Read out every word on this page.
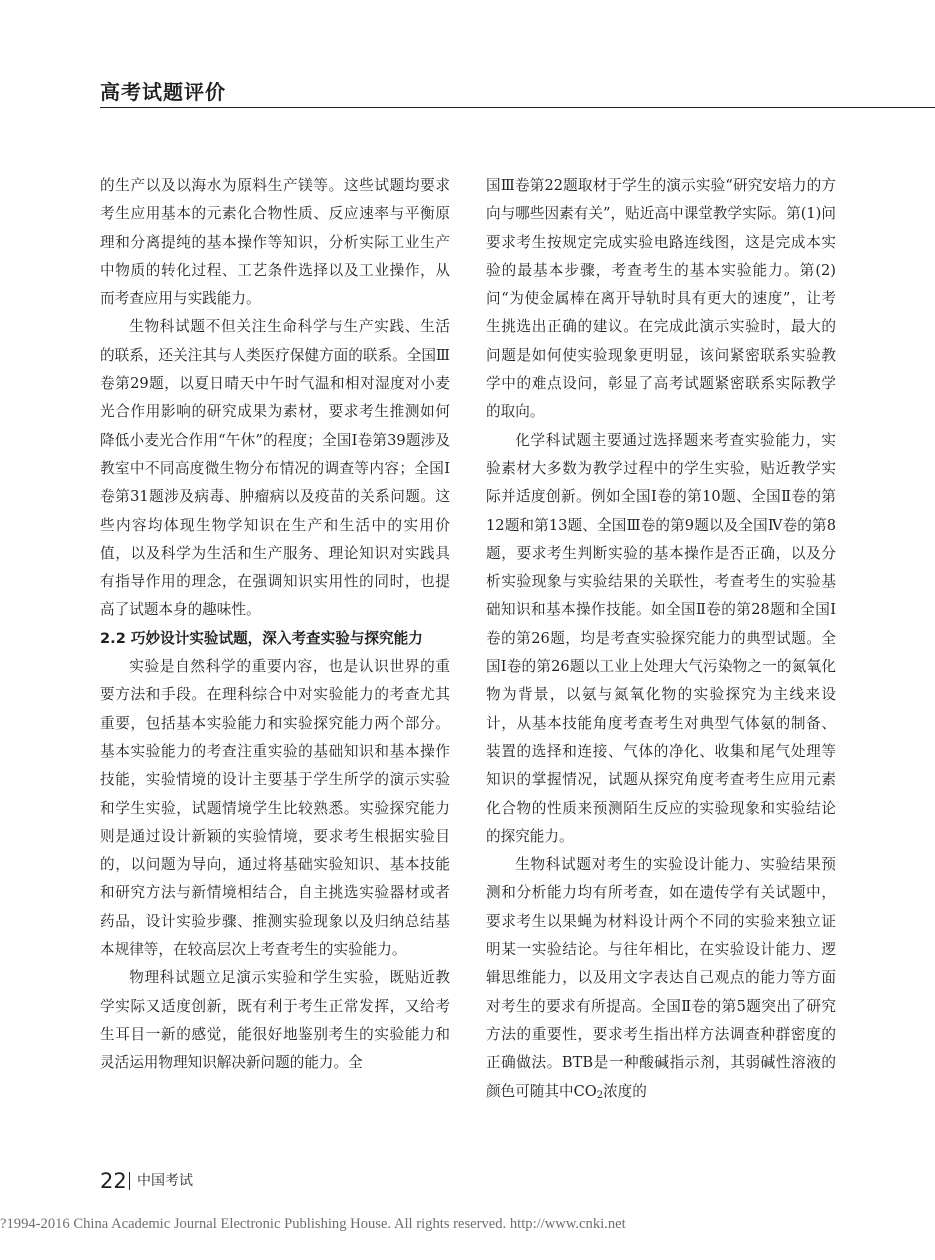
高考试题评价

的生产以及以海水为原料生产镁等。这些试题均要求考生应用基本的元素化合物性质、反应速率与平衡原理和分离提纯的基本操作等知识，分析实际工业生产中物质的转化过程、工艺条件选择以及工业操作，从而考查应用与实践能力。

生物科试题不但关注生命科学与生产实践、生活的联系，还关注其与人类医疗保健方面的联系。全国Ⅲ卷第29题，以夏日晴天中午时气温和相对湿度对小麦光合作用影响的研究成果为素材，要求考生推测如何降低小麦光合作用“午休”的程度；全国Ⅰ卷第39题涉及教室中不同高度微生物分布情况的调查等内容；全国Ⅰ卷第31题涉及病毒、肿瘤病以及疫苗的关系问题。这些内容均体现生物学知识在生产和生活中的实用价值，以及科学为生活和生产服务、理论知识对实践具有指导作用的理念，在强调知识实用性的同时，也提高了试题本身的趣味性。

2.2 巧妙设计实验试题，深入考查实验与探究能力

实验是自然科学的重要内容，也是认识世界的重要方法和手段。在理科综合中对实验能力的考查尤其重要，包括基本实验能力和实验探究能力两个部分。基本实验能力的考查注重实验的基础知识和基本操作技能，实验情境的设计主要基于学生所学的演示实验和学生实验，试题情境学生比较熟悉。实验探究能力则是通过设计新颖的实验情境，要求考生根据实验目的，以问题为导向，通过将基础实验知识、基本技能和研究方法与新情境相结合，自主挑选实验器材或者药品，设计实验步骤、推测实验现象以及归纳总结基本规律等，在较高层次上考查考生的实验能力。

物理科试题立足演示实验和学生实验，既贴近教学实际又适度创新，既有利于考生正常发挥，又给考生耳目一新的感觉，能很好地鉴别考生的实验能力和灵活运用物理知识解决新问题的能力。全

国Ⅲ卷第22题取材于学生的演示实验“研究安培力的方向与哪些因素有关”，贴近高中课堂教学实际。第(1)问要求考生按规定完成实验电路连线图，这是完成本实验的最基本步骤，考查考生的基本实验能力。第(2)问“为使金属棒在离开导轨时具有更大的速度”，让考生挑选出正确的建议。在完成此演示实验时，最大的问题是如何使实验现象更明显，该问紧密联系实验教学中的难点设问，彰显了高考试题紧密联系实际教学的取向。

化学科试题主要通过选择题来考查实验能力，实验素材大多数为教学过程中的学生实验，贴近教学实际并适度创新。例如全国Ⅰ卷的第10题、全国Ⅱ卷的第12题和第13题、全国Ⅲ卷的第9题以及全国Ⅳ卷的第8题，要求考生判断实验的基本操作是否正确，以及分析实验现象与实验结果的关联性，考查考生的实验基础知识和基本操作技能。如全国Ⅱ卷的第28题和全国Ⅰ卷的第26题，均是考查实验探究能力的典型试题。全国Ⅰ卷的第26题以工业上处理大气污染物之一的氮氧化物为背景，以氨与氮氧化物的实验探究为主线来设计，从基本技能角度考查考生对典型气体氨的制备、装置的选择和连接、气体的净化、收集和尾气处理等知识的掌握情况，试题从探究角度考查考生应用元素化合物的性质来预测陌生反应的实验现象和实验结论的探究能力。

生物科试题对考生的实验设计能力、实验结果预测和分析能力均有所考查，如在遗传学有关试题中，要求考生以果蝇为材料设计两个不同的实验来独立证明某一实验结论。与往年相比，在实验设计能力、逻辑思维能力，以及用文字表达自己观点的能力等方面对考生的要求有所提高。全国Ⅱ卷的第5题突出了研究方法的重要性，要求考生指出样方法调查种群密度的正确做法。BTB是一种酸碱指示剂，其弱碱性溶液的颜色可随其中$CO_2$浓度的

22 中国考试
?1994-2016 China Academic Journal Electronic Publishing House. All rights reserved. http://www.cnki.net
